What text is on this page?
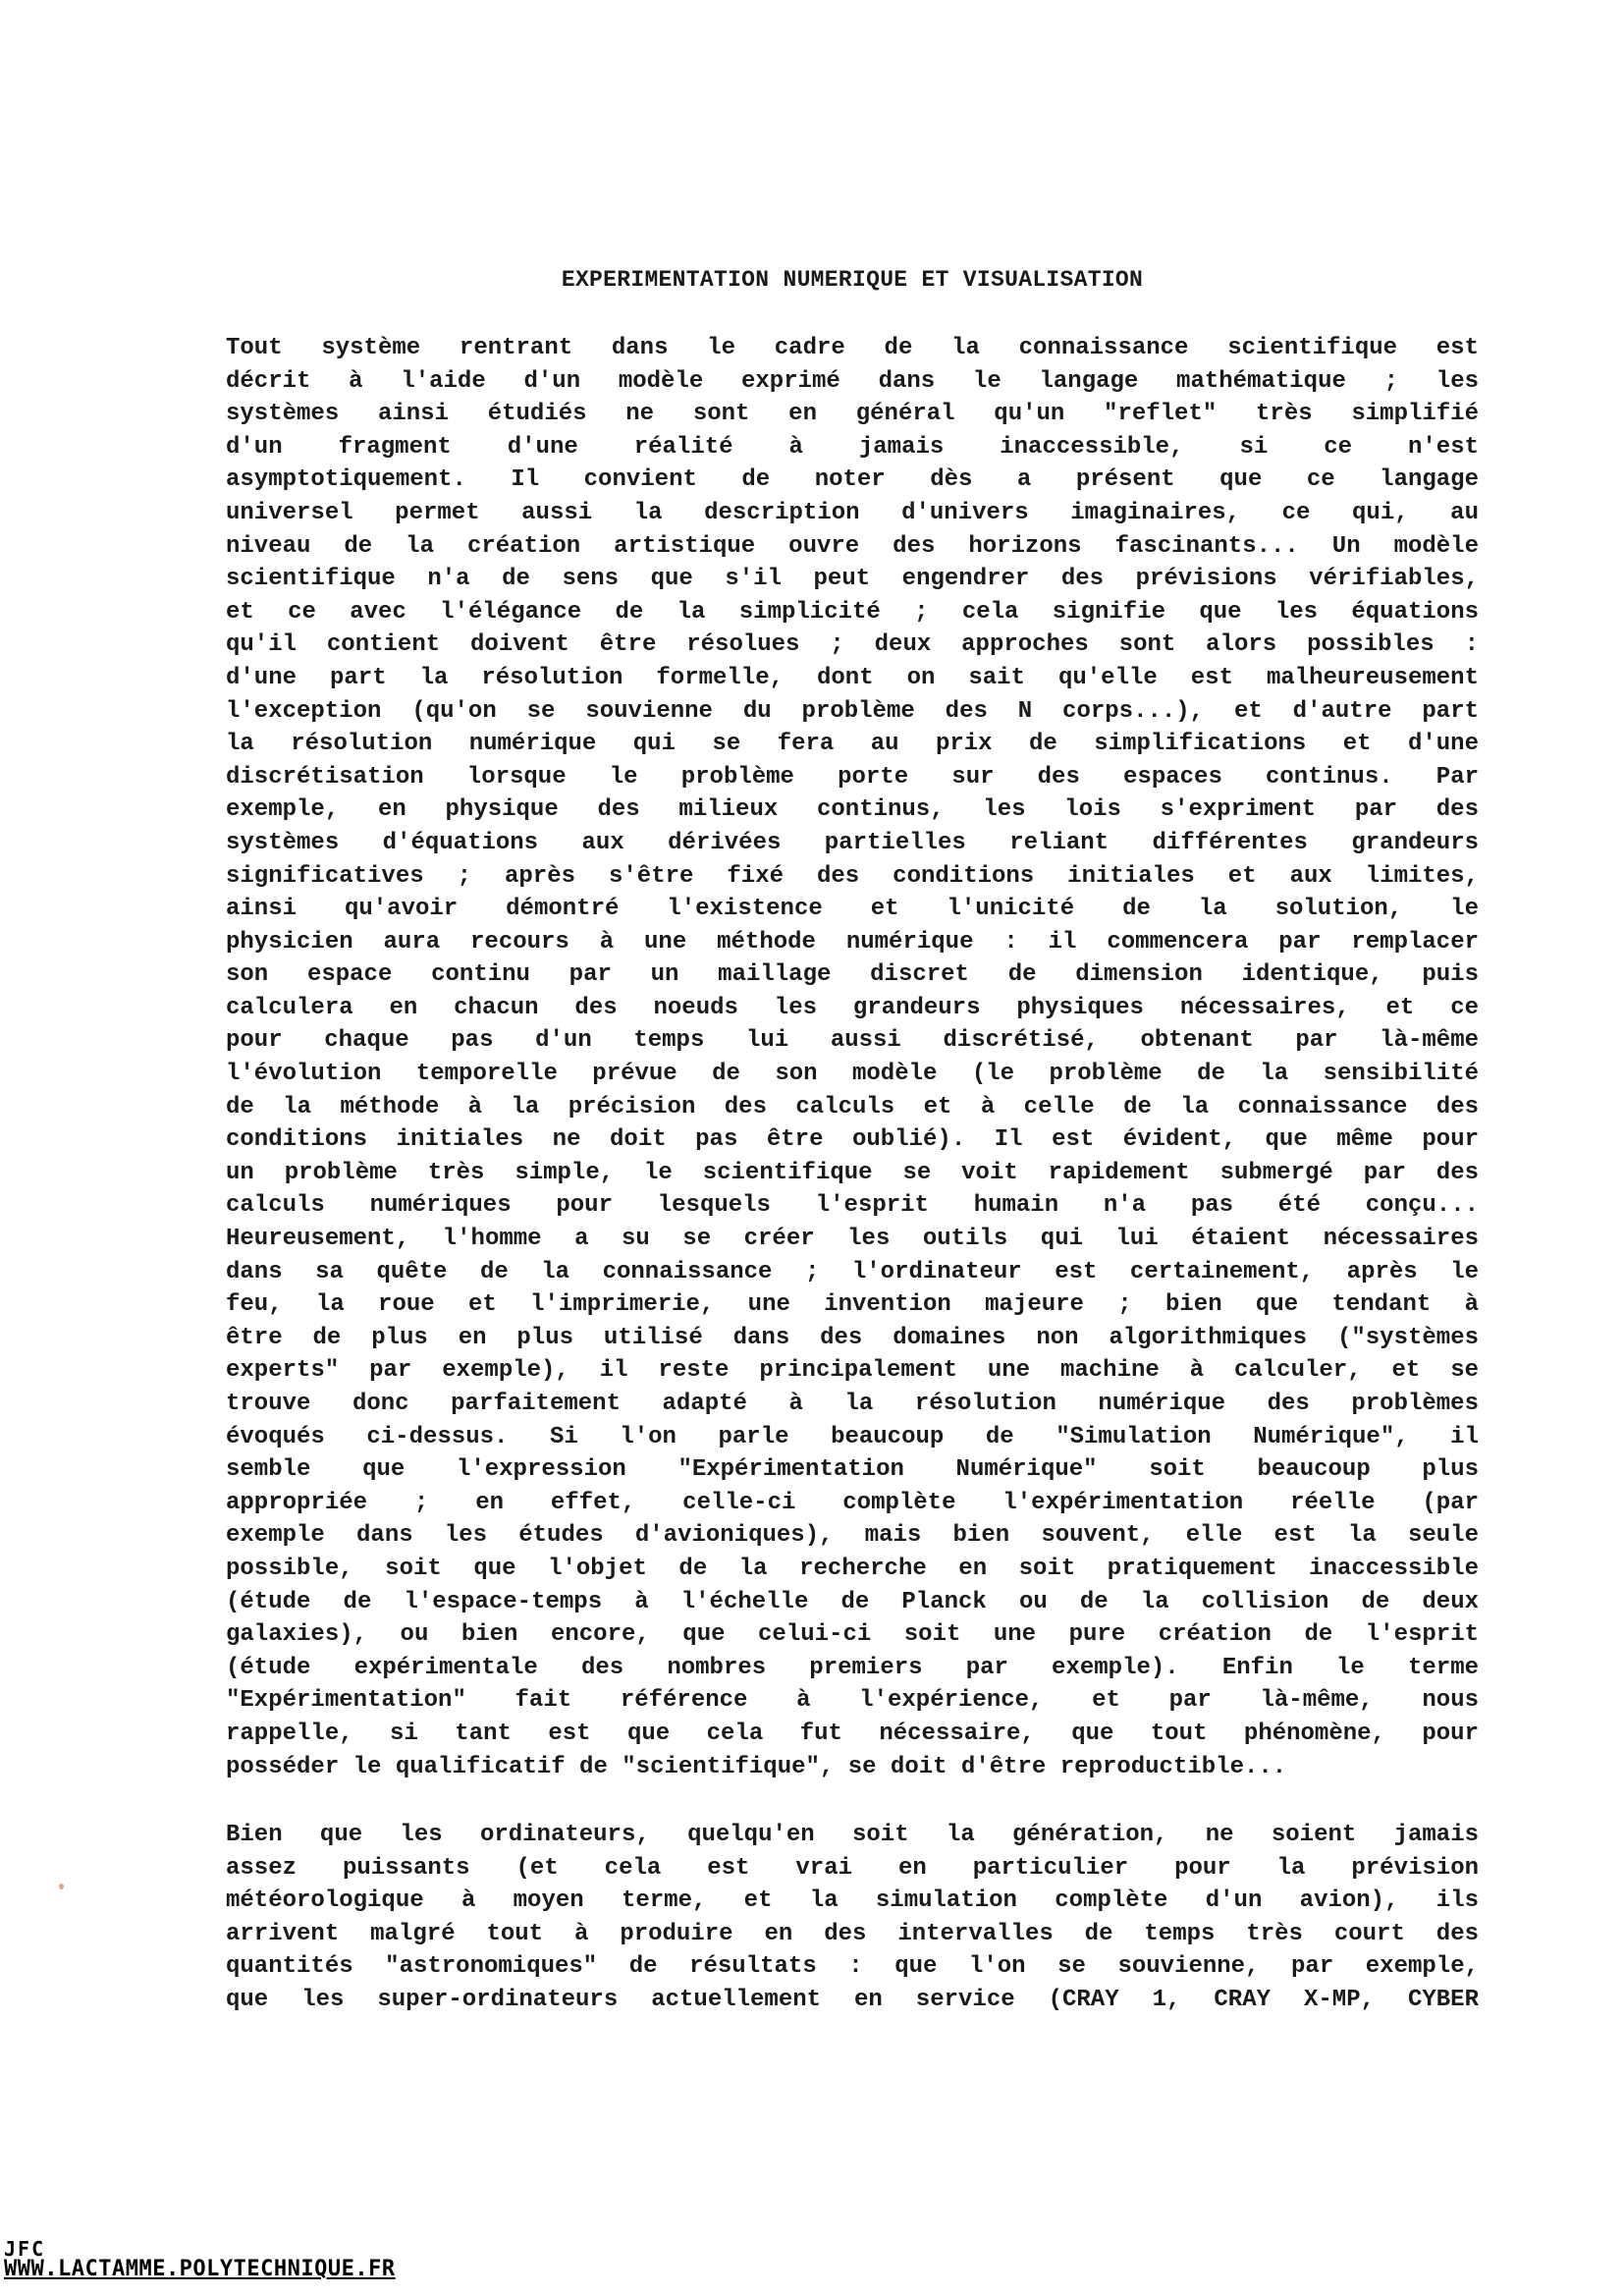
EXPERIMENTATION NUMERIQUE ET VISUALISATION
Tout système rentrant dans le cadre de la connaissance scientifique est
décrit à l'aide d'un modèle exprimé dans le langage mathématique ; les
systèmes ainsi étudiés ne sont en général qu'un "reflet" très simplifié
d'un fragment d'une réalité à jamais inaccessible, si ce n'est
asymptotiquement. Il convient de noter dès a présent que ce langage
universel permet aussi la description d'univers imaginaires, ce qui, au
niveau de la création artistique ouvre des horizons fascinants... Un modèle
scientifique n'a de sens que s'il peut engendrer des prévisions vérifiables,
et ce avec l'élégance de la simplicité ; cela signifie que les équations
qu'il contient doivent être résolues ; deux approches sont alors possibles :
d'une part la résolution formelle, dont on sait qu'elle est malheureusement
l'exception (qu'on se souvienne du problème des N corps...), et d'autre part
la résolution numérique qui se fera au prix de simplifications et d'une
discrétisation lorsque le problème porte sur des espaces continus. Par
exemple, en physique des milieux continus, les lois s'expriment par des
systèmes d'équations aux dérivées partielles reliant différentes grandeurs
significatives ; après s'être fixé des conditions initiales et aux limites,
ainsi qu'avoir démontré l'existence et l'unicité de la solution, le
physicien aura recours à une méthode numérique : il commencera par remplacer
son espace continu par un maillage discret de dimension identique, puis
calculera en chacun des noeuds les grandeurs physiques nécessaires, et ce
pour chaque pas d'un temps lui aussi discrétisé, obtenant par là-même
l'évolution temporelle prévue de son modèle (le problème de la sensibilité
de la méthode à la précision des calculs et à celle de la connaissance des
conditions initiales ne doit pas être oublié). Il est évident, que même pour
un problème très simple, le scientifique se voit rapidement submergé par des
calculs numériques pour lesquels l'esprit humain n'a pas été conçu...
Heureusement, l'homme a su se créer les outils qui lui étaient nécessaires
dans sa quête de la connaissance ; l'ordinateur est certainement, après le
feu, la roue et l'imprimerie, une invention majeure ; bien que tendant à
être de plus en plus utilisé dans des domaines non algorithmiques ("systèmes
experts" par exemple), il reste principalement une machine à calculer, et se
trouve donc parfaitement adapté à la résolution numérique des problèmes
évoqués ci-dessus. Si l'on parle beaucoup de "Simulation Numérique", il
semble que l'expression "Expérimentation Numérique" soit beaucoup plus
appropriée ; en effet, celle-ci complète l'expérimentation réelle (par
exemple dans les études d'avioniques), mais bien souvent, elle est la seule
possible, soit que l'objet de la recherche en soit pratiquement inaccessible
(étude de l'espace-temps à l'échelle de Planck ou de la collision de deux
galaxies), ou bien encore, que celui-ci soit une pure création de l'esprit
(étude expérimentale des nombres premiers par exemple). Enfin le terme
"Expérimentation" fait référence à l'expérience, et par là-même, nous
rappelle, si tant est que cela fut nécessaire, que tout phénomène, pour
posséder le qualificatif de "scientifique", se doit d'être reproductible...
Bien que les ordinateurs, quelqu'en soit la génération, ne soient jamais
assez puissants (et cela est vrai en particulier pour la prévision
météorologique à moyen terme, et la simulation complète d'un avion), ils
arrivent malgré tout à produire en des intervalles de temps très court des
quantités "astronomiques" de résultats : que l'on se souvienne, par exemple,
que les super-ordinateurs actuellement en service (CRAY 1, CRAY X-MP, CYBER
JFC
WWW.LACTAMME.POLYTECHNIQUE.FR
